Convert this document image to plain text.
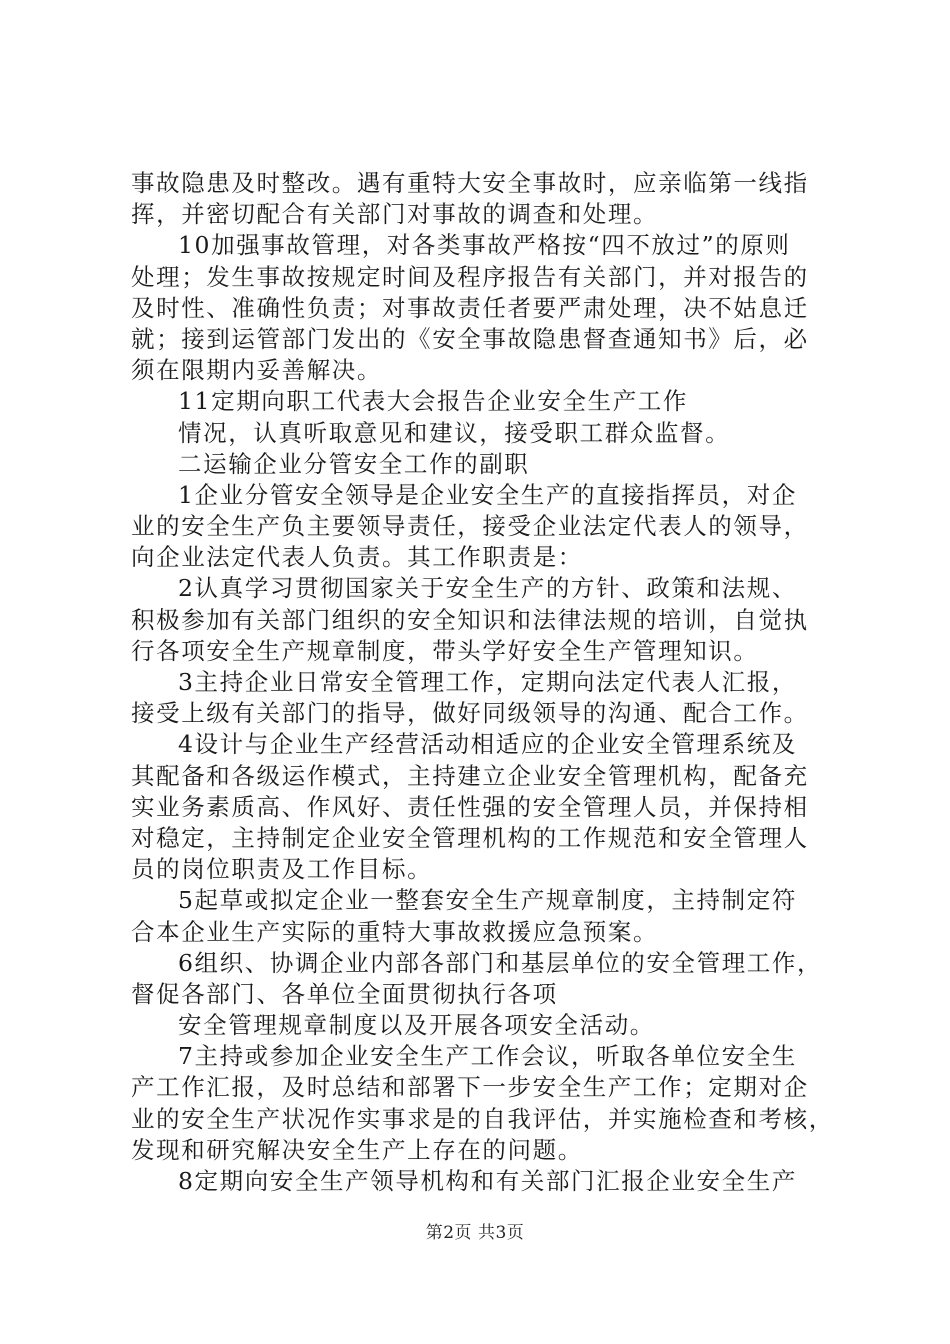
事故隐患及时整改。遇有重特大安全事故时，应亲临第一线指
挥，并密切配合有关部门对事故的调查和处理。
10加强事故管理，对各类事故严格按“四不放过”的原则
处理；发生事故按规定时间及程序报告有关部门，并对报告的
及时性、准确性负责；对事故责任者要严肃处理，决不姑息迁
就；接到运管部门发出的《安全事故隐患督查通知书》后，必
须在限期内妥善解决。
11定期向职工代表大会报告企业安全生产工作
情况，认真听取意见和建议，接受职工群众监督。
二运输企业分管安全工作的副职
1企业分管安全领导是企业安全生产的直接指挥员，对企
业的安全生产负主要领导责任，接受企业法定代表人的领导，
向企业法定代表人负责。其工作职责是：
2认真学习贯彻国家关于安全生产的方针、政策和法规、
积极参加有关部门组织的安全知识和法律法规的培训，自觉执
行各项安全生产规章制度，带头学好安全生产管理知识。
3主持企业日常安全管理工作，定期向法定代表人汇报，
接受上级有关部门的指导，做好同级领导的沟通、配合工作。
4设计与企业生产经营活动相适应的企业安全管理系统及
其配备和各级运作模式，主持建立企业安全管理机构，配备充
实业务素质高、作风好、责任性强的安全管理人员，并保持相
对稳定，主持制定企业安全管理机构的工作规范和安全管理人
员的岗位职责及工作目标。
5起草或拟定企业一整套安全生产规章制度，主持制定符
合本企业生产实际的重特大事故救援应急预案。
6组织、协调企业内部各部门和基层单位的安全管理工作，
督促各部门、各单位全面贯彻执行各项
安全管理规章制度以及开展各项安全活动。
7主持或参加企业安全生产工作会议，听取各单位安全生
产工作汇报，及时总结和部署下一步安全生产工作；定期对企
业的安全生产状况作实事求是的自我评估，并实施检查和考核，
发现和研究解决安全生产上存在的问题。
8定期向安全生产领导机构和有关部门汇报企业安全生产
第2页 共3页
